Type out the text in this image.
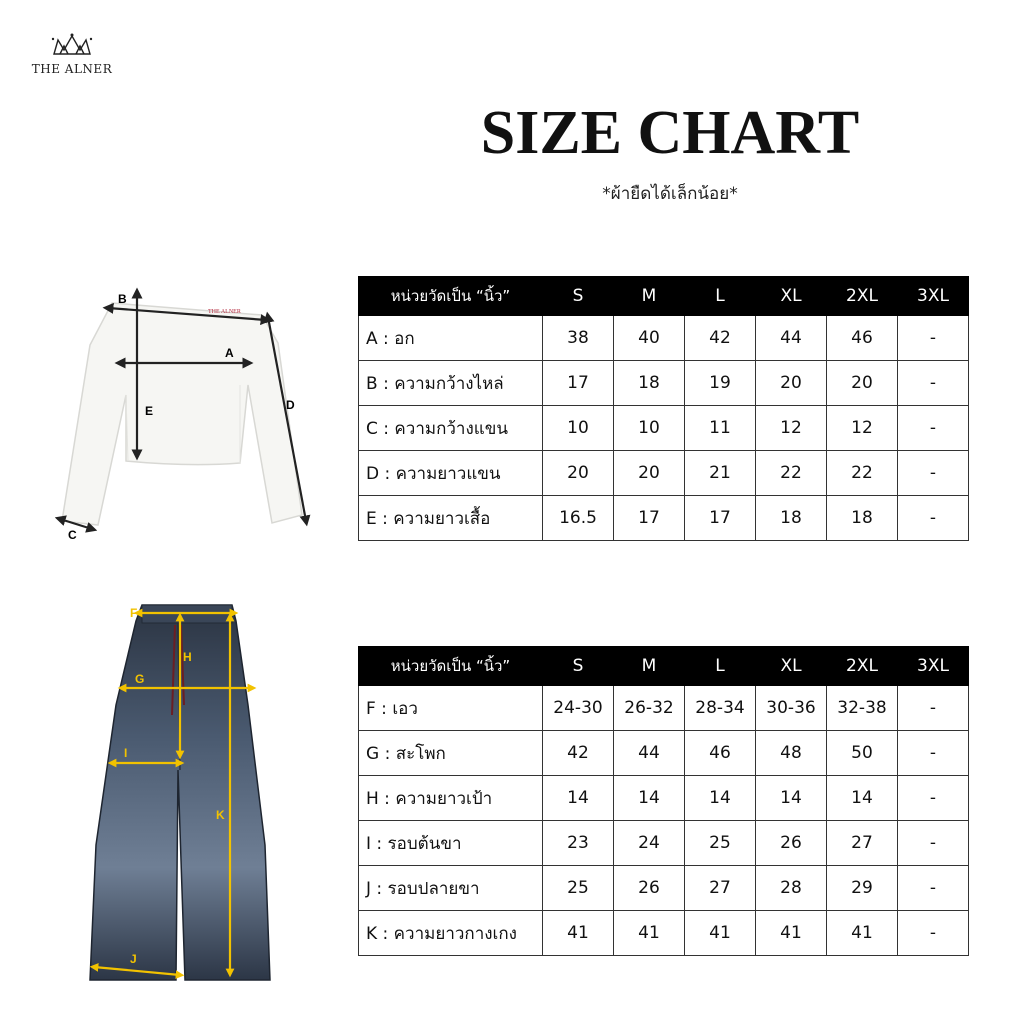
THE ALNER
SIZE CHART
*ผ้ายืดได้เล็กน้อย*
THE ALNER
A
B
C
D
E
F
G
H
I
J
K
หน่วยวัดเป็น “นิ้ว”	S	M	L	XL	2XL	3XL
A : อก	38	40	42	44	46	-
B : ความกว้างไหล่	17	18	19	20	20	-
C : ความกว้างแขน	10	10	11	12	12	-
D : ความยาวแขน	20	20	21	22	22	-
E : ความยาวเสื้อ	16.5	17	17	18	18	-
หน่วยวัดเป็น “นิ้ว”	S	M	L	XL	2XL	3XL
F : เอว	24-30	26-32	28-34	30-36	32-38	-
G : สะโพก	42	44	46	48	50	-
H : ความยาวเป้า	14	14	14	14	14	-
I : รอบต้นขา	23	24	25	26	27	-
J : รอบปลายขา	25	26	27	28	29	-
K : ความยาวกางเกง	41	41	41	41	41	-
